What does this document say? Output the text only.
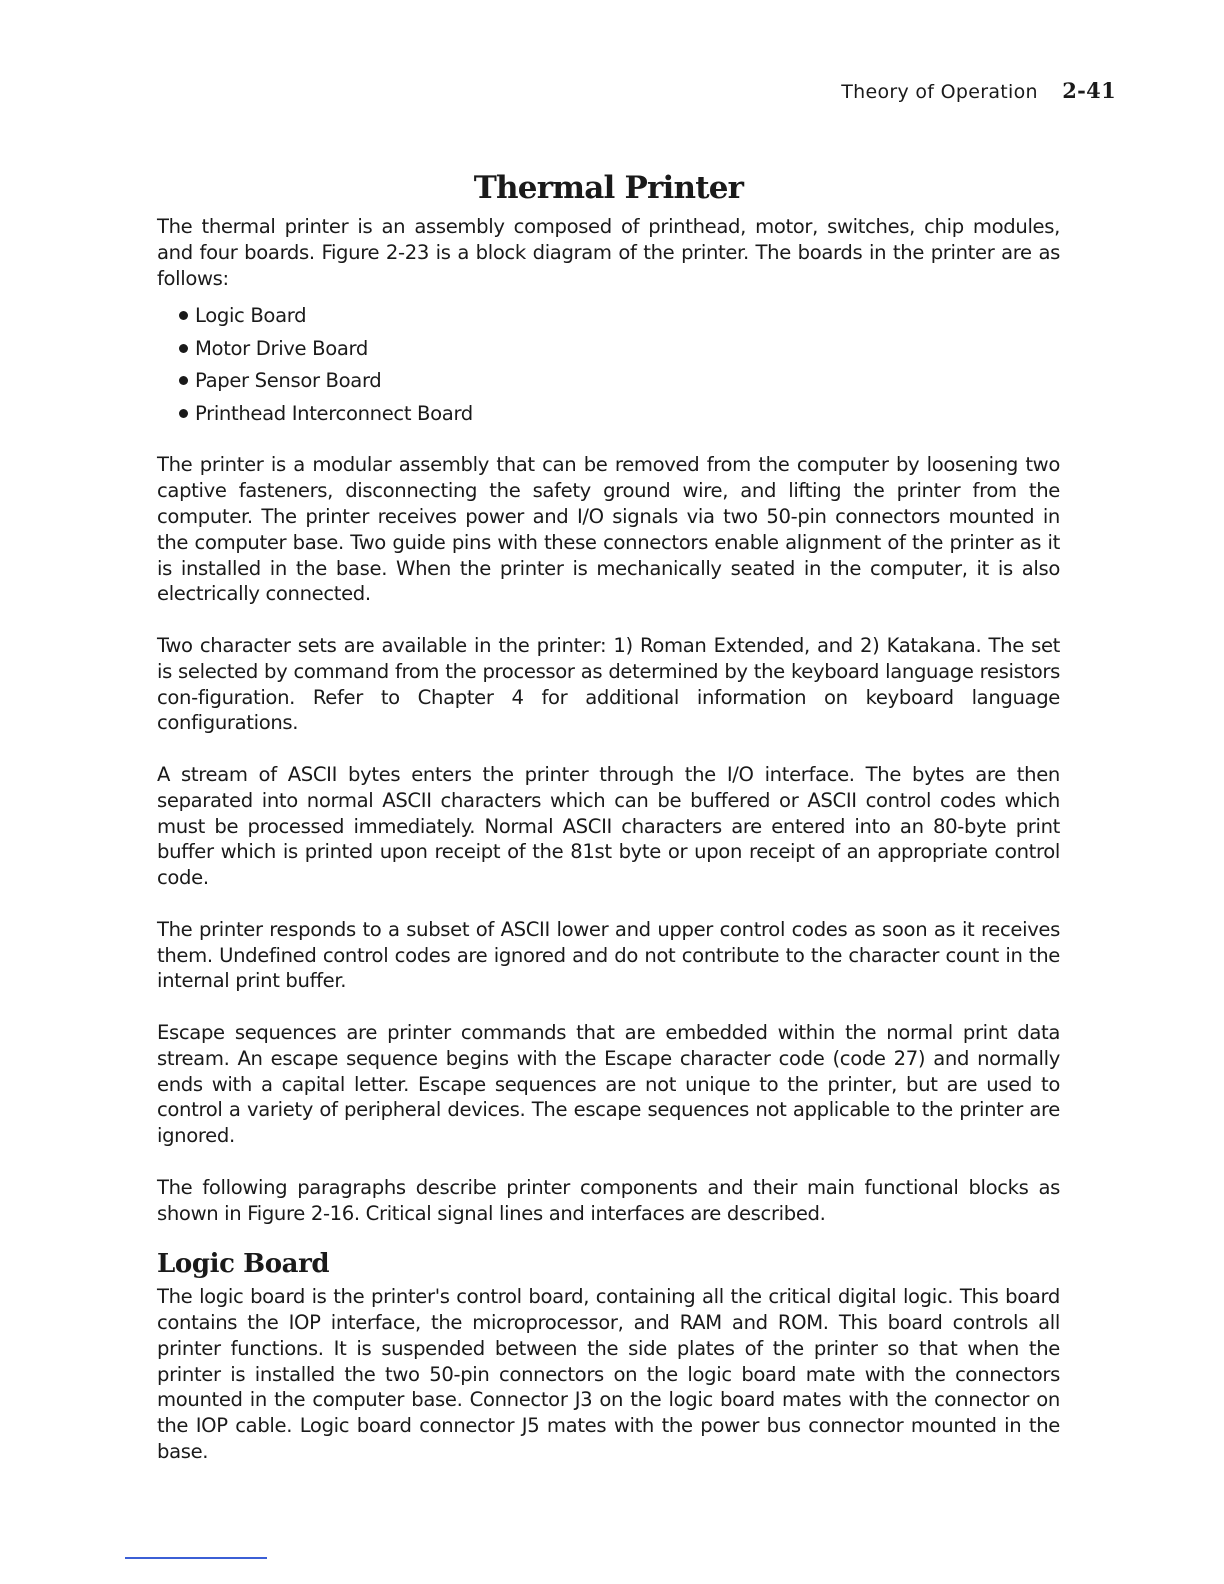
Theory of Operation 2-41
Thermal Printer

The thermal printer is an assembly composed of printhead, motor, switches, chip modules, and four boards. Figure 2-23 is a block diagram of the printer. The boards in the printer are as follows:

Logic Board
Motor Drive Board
Paper Sensor Board
Printhead Interconnect Board

The printer is a modular assembly that can be removed from the computer by loosening two captive fasteners, disconnecting the safety ground wire, and lifting the printer from the computer. The printer receives power and I/O signals via two 50-pin connectors mounted in the computer base. Two guide pins with these connectors enable alignment of the printer as it is installed in the base. When the printer is mechanically seated in the computer, it is also electrically connected.

Two character sets are available in the printer: 1) Roman Extended, and 2) Katakana. The set is selected by command from the processor as determined by the keyboard language resistors con-figuration. Refer to Chapter 4 for additional information on keyboard language configurations.

A stream of ASCII bytes enters the printer through the I/O interface. The bytes are then separated into normal ASCII characters which can be buffered or ASCII control codes which must be processed immediately. Normal ASCII characters are entered into an 80-byte print buffer which is printed upon receipt of the 81st byte or upon receipt of an appropriate control code.

The printer responds to a subset of ASCII lower and upper control codes as soon as it receives them. Undefined control codes are ignored and do not contribute to the character count in the internal print buffer.

Escape sequences are printer commands that are embedded within the normal print data stream. An escape sequence begins with the Escape character code (code 27) and normally ends with a capital letter. Escape sequences are not unique to the printer, but are used to control a variety of peripheral devices. The escape sequences not applicable to the printer are ignored.

The following paragraphs describe printer components and their main functional blocks as shown in Figure 2-16. Critical signal lines and interfaces are described.

Logic Board

The logic board is the printer's control board, containing all the critical digital logic. This board contains the IOP interface, the microprocessor, and RAM and ROM. This board controls all printer functions. It is suspended between the side plates of the printer so that when the printer is installed the two 50-pin connectors on the logic board mate with the connectors mounted in the computer base. Connector J3 on the logic board mates with the connector on the IOP cable. Logic board connector J5 mates with the power bus connector mounted in the base.
